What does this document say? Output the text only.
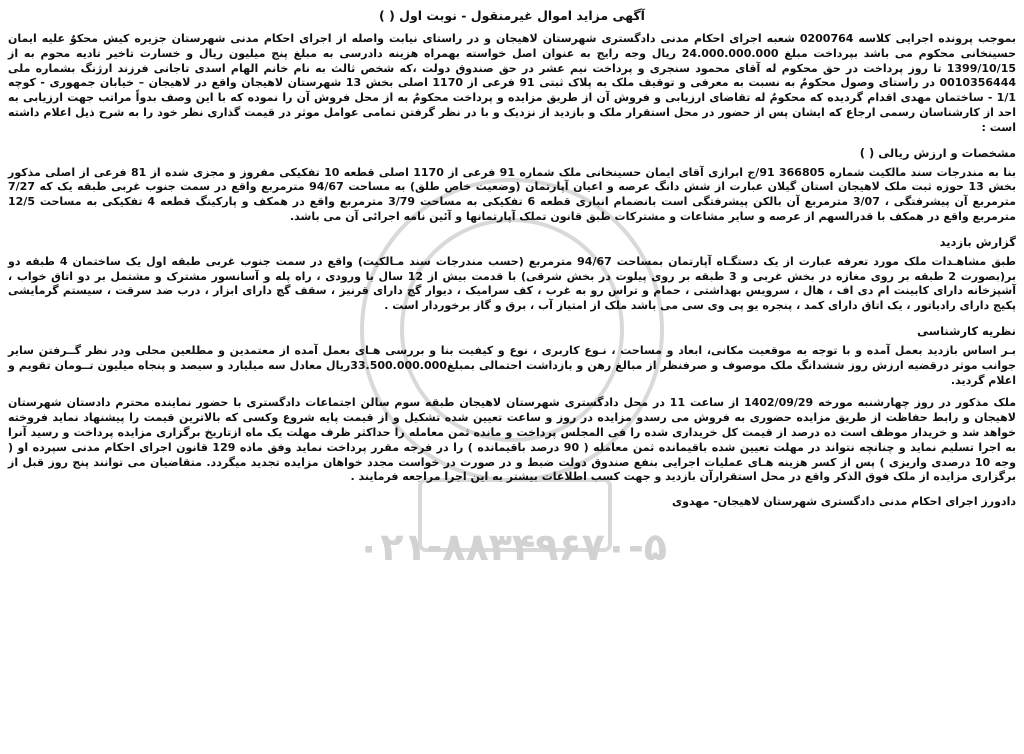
۰۲۱-۸۸۳۴۹۶۷۰-۵
آگهی مزاید اموال غیرمنقول - نوبت اول ( )

بموجب پرونده اجرایی کلاسه 0200764 شعبه اجرای احکام مدنی دادگستری شهرستان لاهیجان و در راستای نیابت واصله از اجرای احکام مدنی شهرستان جزیره کیش محکوٌ علیه ایمان حسینخانی محکوم می باشد بپرداخت مبلغ 24.000.000.000 ریال وجه رایج به عنوان اصل خواسته بهمراه هزینه دادرسی به مبلغ پنج میلیون ریال و خسارت تاخیر تادیه محوم به از 1399/10/15 تا روز پرداخت در حق محکوم له آقای محمود سنجری و پرداخت نیم عشر در حق صندوق دولت ،که شخص ثالث به نام خانم الهام اسدی تاجانی فرزند ارژنگ بشماره ملی 0010356444 در راستای وصول محکومٌ به نسبت به معرفی و توقیف ملک به پلاک ثبتی 91 فرعی از 1170 اصلی بخش 13 شهرستان لاهیجان واقع در لاهیجان – خیابان جمهوری - کوچه 1/1 - ساختمان مهدی اقدام گردیده که محکومٌ له تقاضای ارزیابی و فروش آن از طریق مزایده و پرداخت محکومٌ به از محل فروش آن را نموده که با این وصف بدواً مراتب جهت ارزیابی به احد از کارشناسان رسمی ارجاع که ایشان پس از حضور در محل استقرار ملک و بازدید از نزدیک و با در نظر گرفتن تمامی عوامل موثر در قیمت گذاری نظر خود را به شرح ذیل اعلام داشته است :

مشخصات و ارزش ریالی ( )

بنا به مندرجات سند مالکیت شماره 366805 91/ج ابرازی آقای ایمان حسینخانی ملک شماره 91 فرعی از 1170 اصلی قطعه 10 تفکیکی مفروز و مجزی شده از 81 فرعی از اصلی مذکور بخش 13 حوزه ثبت ملک لاهیجان استان گیلان عبارت از شش دانگ عرصه و اعیان آپارتمان (وضعیت خاص طلق) به مساحت 94/67 مترمربع واقع در سمت جنوب غربی طبقه یک که 7/27 مترمربع آن پیشرفتگی ، 3/07 مترمربع آن بالکن پیشرفتگی است بانضمام انباری قطعه 6 تفکیکی به مساحت 3/79 مترمربع واقع در همکف و پارکینگ قطعه 4 تفکیکی به مساحت 12/5 مترمربع واقع در همکف با قدرالسهم از عرصه و سایر مشاعات و مشترکات طبق قانون تملک آپارتمانها و آئین نامه اجرائی آن می باشد.

گزارش بازدید

طبق مشاهـدات ملک مورد تعرفه عبارت از یک دستگـاه آپارتمان بمساحت 94/67 مترمربع (حسب مندرجات سند مـالکیت) واقع در سمت جنوب غربی طبقه اول یک ساختمان 4 طبقه دو بر(بصورت 2 طبقه بر روی مغازه در بخش غربی و 3 طبقه بر روی پیلوت در بخش شرقی) با قدمت بیش از 12 سال با ورودی ، راه پله و آسانسور مشترک و مشتمل بر دو اتاق خواب ، آشپزخانه دارای کابینت ام دی اف ، هال ، سرویس بهداشتی ، حمام و تراس رو به غرب ، کف سرامیک ، دیوار گچ دارای قرنیز ، سقف گچ دارای ابزار ، درب ضد سرقت ، سیستم گرمایشی پکیج دارای رادیاتور ، یک اتاق دارای کمد ، پنجره یو پی وی سی می باشد ملک از امتیاز آب ، برق و گاز برخوردار است .

نظریه کارشناسی

بـر اساس بازدید بعمل آمده و با توجه به موقعیت مکانی، ابعاد و مساحت ، نـوع کاربری ، نوع و کیفیت بنا و بررسی هـای بعمل آمده از معتمدین و مطلعین محلی ودر نظر گــرفتن سایر جوانب موثر درقضیه ارزش روز ششدانگ ملک موصوف و صرفنظر از مبالغ رهن و بازداشت احتمالی بمبلغ33.500.000.000ریال معادل سه میلیارد و سیصد و پنجاه میلیون تــومان تقویم و اعلام گردید.

ملک مذکور در روز چهارشنبه مورخه 1402/09/29 از ساعت 11 در محل دادگستری شهرستان لاهیجان طبقه سوم سالن اجتماعات دادگستری با حضور نماینده محترم دادستان شهرستان لاهیجان و رابط حفاظت از طریق مزایده حضوری به فروش می رسدو مزایده در روز و ساعت تعیین شده تشکیل و از قیمت پایه شروع وکسی که بالاترین قیمت را پیشنهاد نماید فروخته خواهد شد و خریدار موظف است ده درصد از قیمت کل خریداری شده را فی المجلس پرداخت و مانده ثمن معامله را حداکثر ظرف مهلت یک ماه ازتاریخ برگزاری مزایده پرداخت و رسید آنرا به اجرا تسلیم نماید و چنانچه نتواند در مهلت تعیین شده باقیمانده ثمن معامله ( 90 درصد باقیمانده ) را در فرجه مقرر پرداخت نماید وفق ماده 129 قانون اجرای احکام مدنی سپرده او ( وجه 10 درصدی واریزی ) پس از کسر هزینه هـای عملیات اجرایی بنفع صندوق دولت ضبط و در صورت در خواست مجدد خواهان مزایده تجدید میگردد. متقاضیان می توانند پنج روز قبل از برگزاری مزایده از ملک فوق الذکر واقع در محل استقرارآن بازدید و جهت کسب اطلاعات بیشتر به این اجرا مراجعه فرمایند .

دادورز اجرای احکام مدنی دادگستری شهرستان لاهیجان- مهدوی
